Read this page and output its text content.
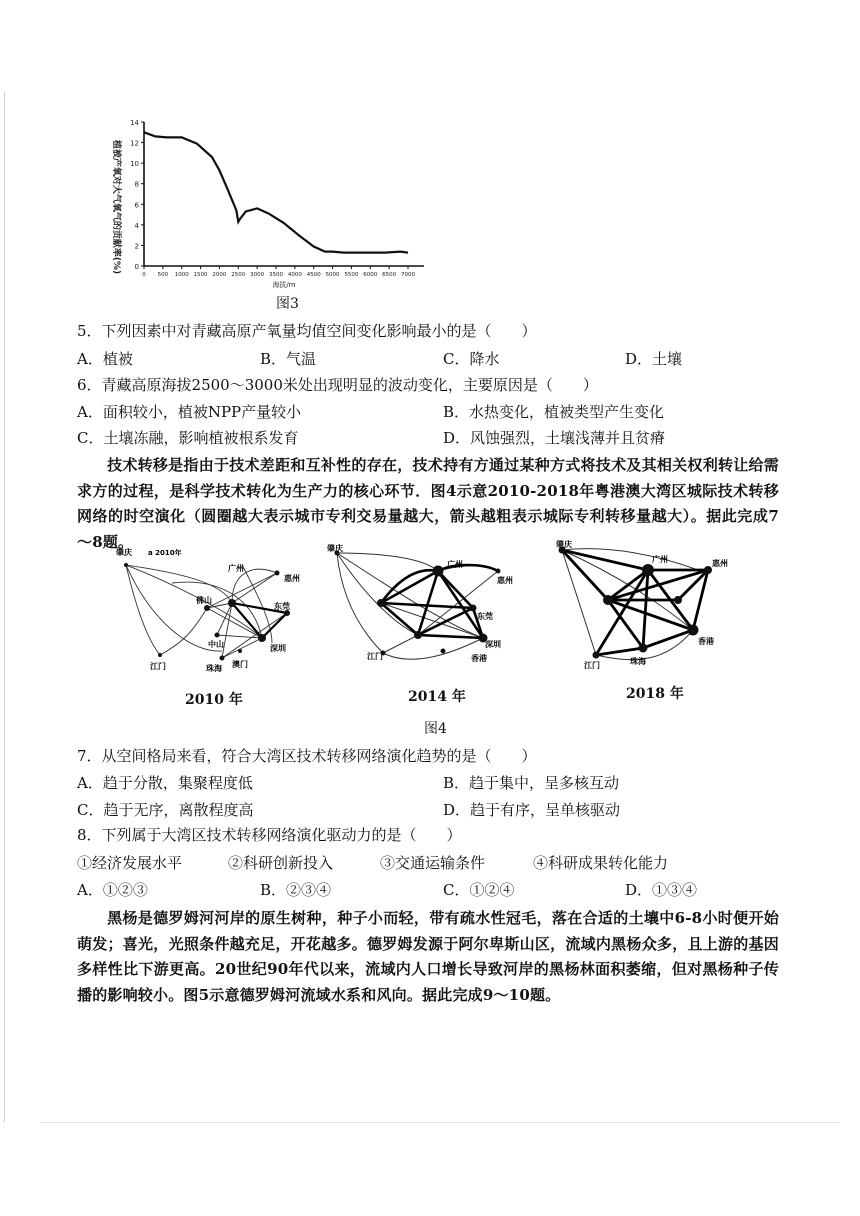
植被产氧对大气氧气的贡献率(%)
14
12
10
8
6
4
2
0
0 500 1000 1500 2000 2500 3000 3500 4000 4500 5000 5500 6000 6500 7000
海拔/m
图3
5．下列因素中对青藏高原产氧量均值空间变化影响最小的是（　　）
A．植被	B．气温	C．降水	D．土壤
6．青藏高原海拔2500～3000米处出现明显的波动变化，主要原因是（　　）
A．面积较小，植被NPP产量较小	B．水热变化，植被类型产生变化
C．土壤冻融，影响植被根系发育	D．风蚀强烈，土壤浅薄并且贫瘠
技术转移是指由于技术差距和互补性的存在，技术持有方通过某种方式将技术及其相关权利转让给需求方的过程，是科学技术转化为生产力的核心环节．图4示意2010-2018年粤港澳大湾区城际技术转移网络的时空演化（圆圈越大表示城市专利交易量越大，箭头越粗表示城际专利转移量越大）。据此完成7～8题。
肇庆 a 2010年
广州
惠州
佛山
东莞
中山	深圳
江门	珠海 澳门
肇庆
广州
惠州
东莞
深圳
江门	香港
肇庆
广州	惠州
江门	珠海
香港
2010 年	2014 年	2018 年
图4
7．从空间格局来看，符合大湾区技术转移网络演化趋势的是（　　）
A．趋于分散，集聚程度低	B．趋于集中，呈多核互动
C．趋于无序，离散程度高	D．趋于有序，呈单核驱动
8．下列属于大湾区技术转移网络演化驱动力的是（　　）
①经济发展水平	②科研创新投入	③交通运输条件	④科研成果转化能力
A．①②③	B．②③④	C．①②④	D．①③④
黑杨是德罗姆河河岸的原生树种，种子小而轻，带有疏水性冠毛，落在合适的土壤中6-8小时便开始萌发；喜光，光照条件越充足，开花越多。德罗姆发源于阿尔卑斯山区，流域内黑杨众多，且上游的基因多样性比下游更高。20世纪90年代以来，流域内人口增长导致河岸的黑杨林面积萎缩，但对黑杨种子传播的影响较小。图5示意德罗姆河流域水系和风向。据此完成9～10题。
